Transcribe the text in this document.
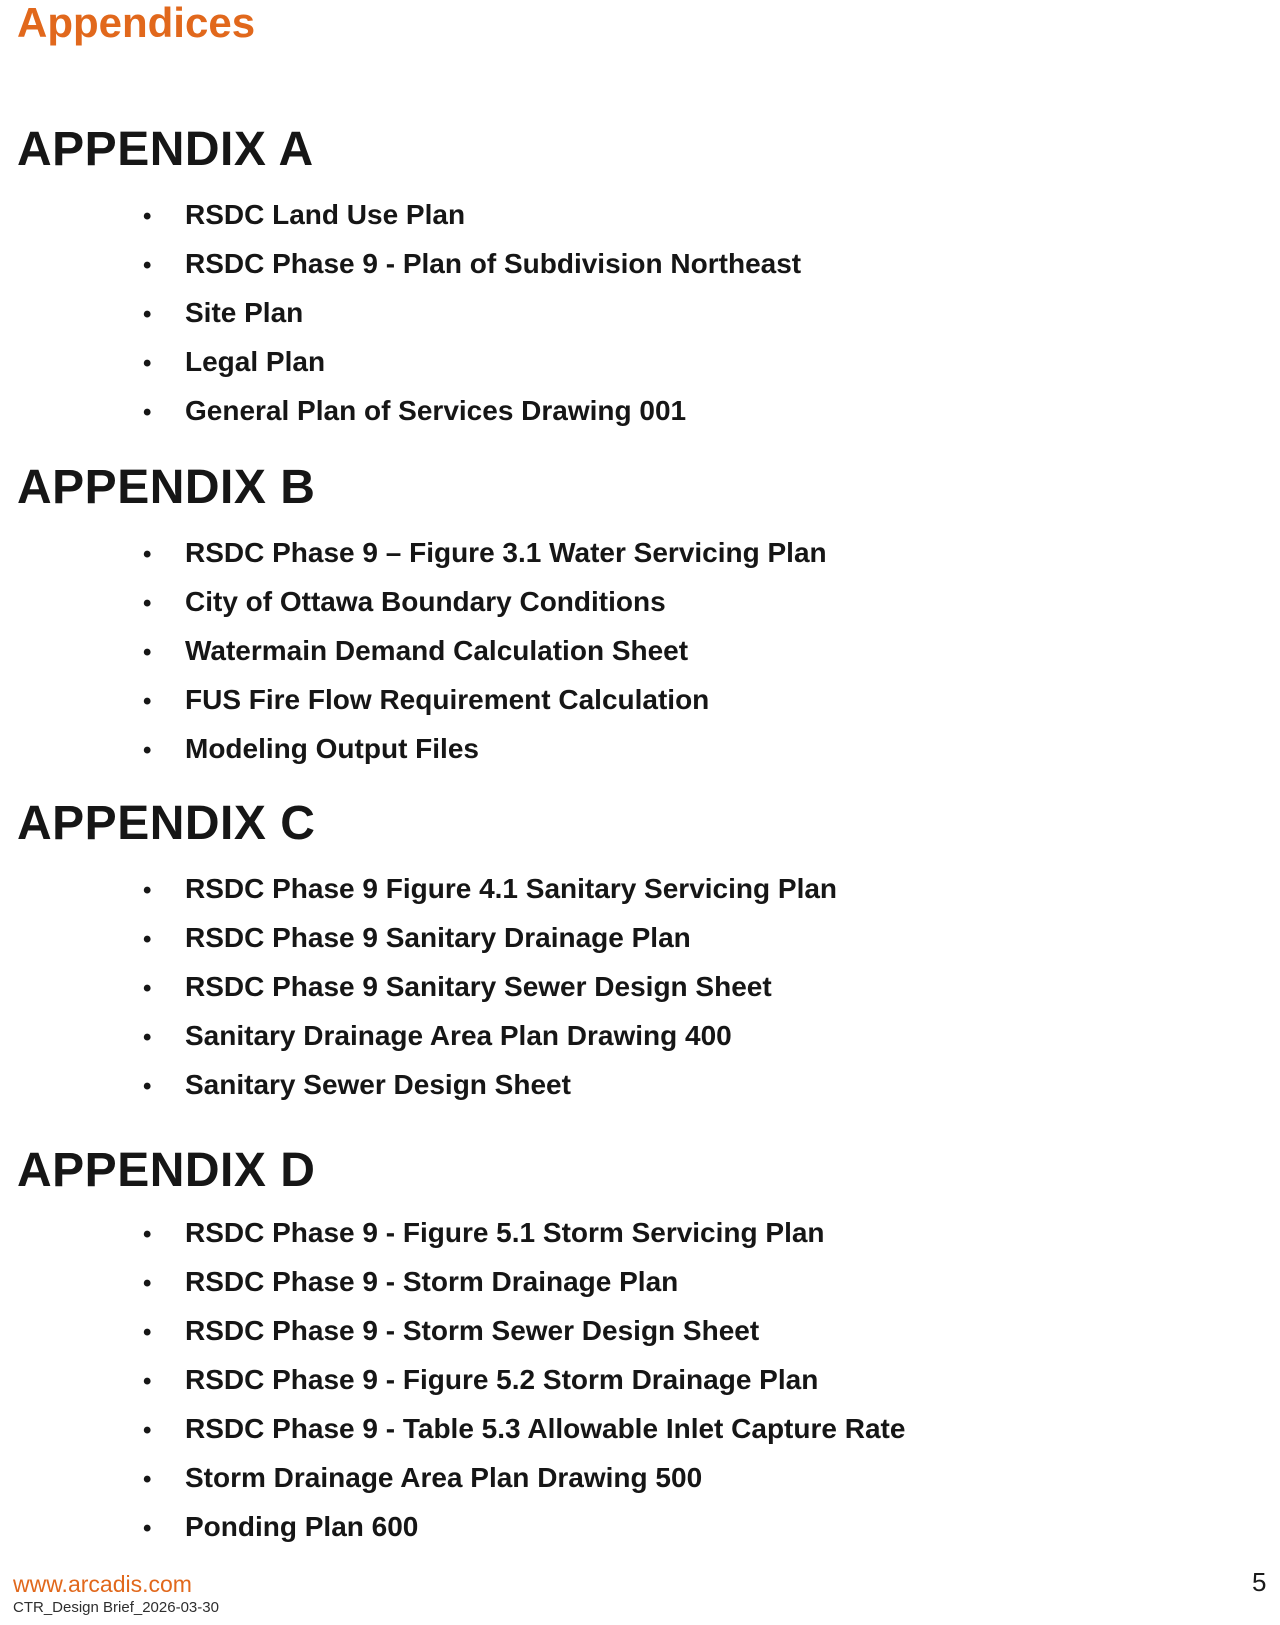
Appendices
APPENDIX A
•	RSDC Land Use Plan
•	RSDC Phase 9 - Plan of Subdivision Northeast
•	Site Plan
•	Legal Plan
•	General Plan of Services Drawing 001
APPENDIX B
•	RSDC Phase 9 – Figure 3.1 Water Servicing Plan
•	City of Ottawa Boundary Conditions
•	Watermain Demand Calculation Sheet
•	FUS Fire Flow Requirement Calculation
•	Modeling Output Files
APPENDIX C
•	RSDC Phase 9 Figure 4.1 Sanitary Servicing Plan
•	RSDC Phase 9 Sanitary Drainage Plan
•	RSDC Phase 9 Sanitary Sewer Design Sheet
•	Sanitary Drainage Area Plan Drawing 400
•	Sanitary Sewer Design Sheet
APPENDIX D
•	RSDC Phase 9 - Figure 5.1 Storm Servicing Plan
•	RSDC Phase 9 - Storm Drainage Plan
•	RSDC Phase 9 - Storm Sewer Design Sheet
•	RSDC Phase 9 - Figure 5.2 Storm Drainage Plan
•	RSDC Phase 9 - Table 5.3 Allowable Inlet Capture Rate
•	Storm Drainage Area Plan Drawing 500
•	Ponding Plan 600
www.arcadis.com
CTR_Design Brief_2026-03-30
5
